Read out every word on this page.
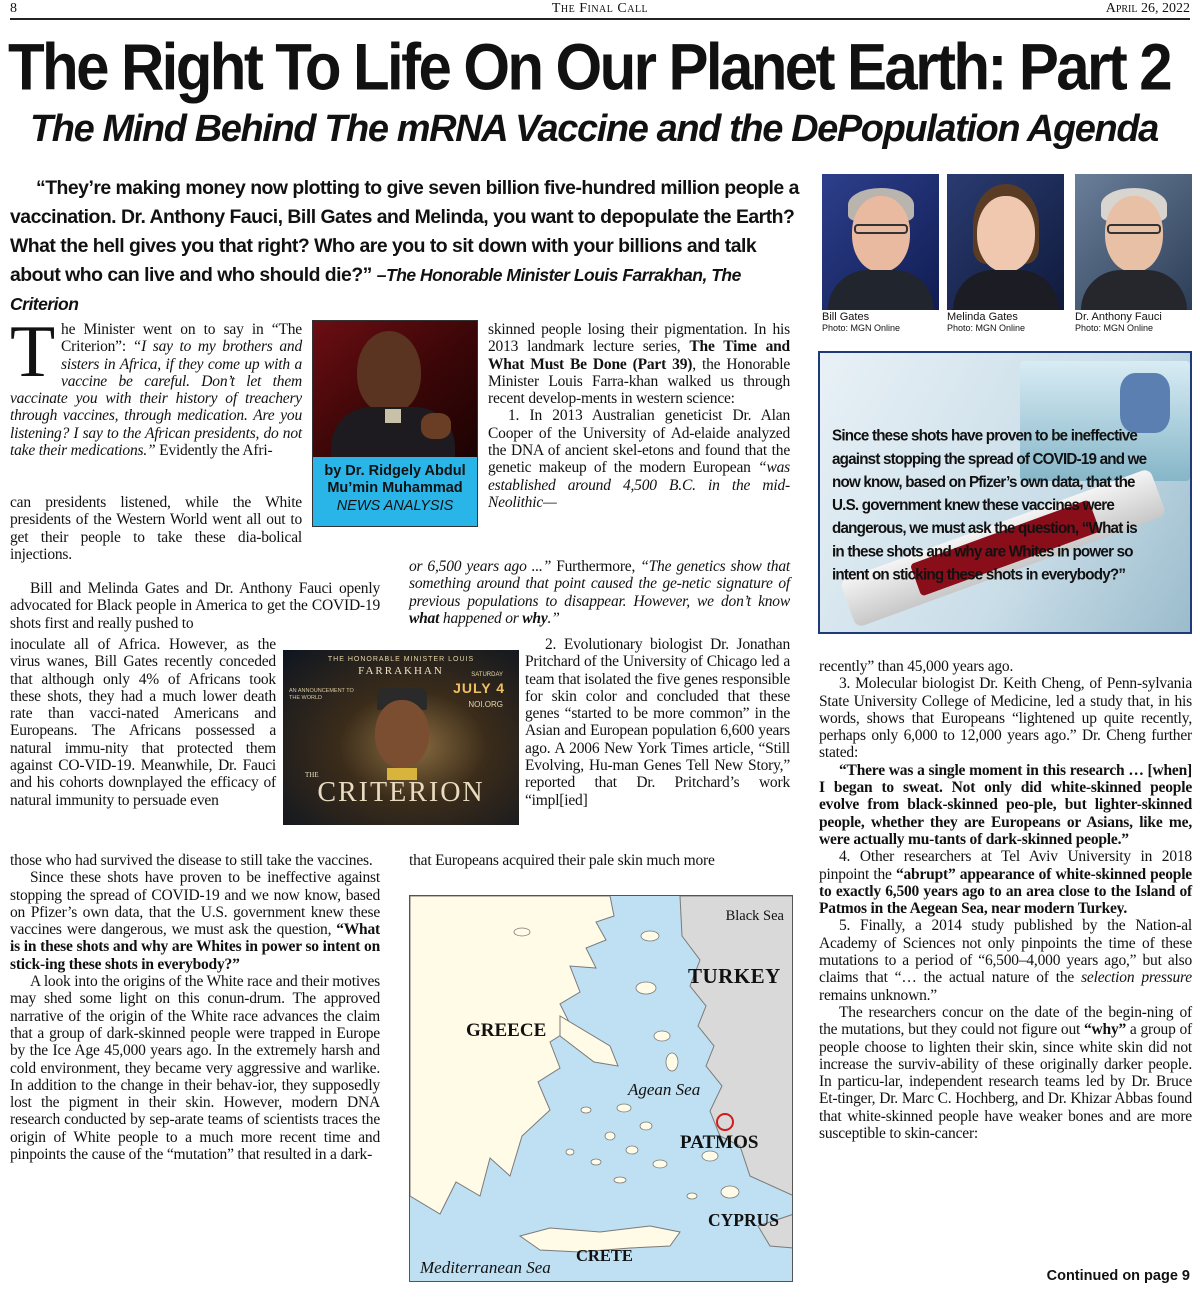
8	The Final Call	April 26, 2022
The Right To Life On Our Planet Earth: Part 2
The Mind Behind The mRNA Vaccine and the DePopulation Agenda
“They’re making money now plotting to give seven billion five-hundred million people a vaccination. Dr. Anthony Fauci, Bill Gates and Melinda, you want to depopulate the Earth? What the hell gives you that right? Who are you to sit down with your billions and talk about who can live and who should die?” –The Honorable Minister Louis Farrakhan, The Criterion
Bill Gates
Photo: MGN Online
Melinda Gates
Photo: MGN Online
Dr. Anthony Fauci
Photo: MGN Online
Since these shots have proven to be ineffective against stopping the spread of COVID-19 and we now know, based on Pfizer’s own data, that the U.S. government knew these vaccines were dangerous, we must ask the question, “What is in these shots and why are Whites in power so intent on sticking these shots in everybody?”
by Dr. Ridgely Abdul Mu’min Muhammad
NEWS ANALYSIS
THE HONORABLE MINISTER LOUIS
FARRAKHAN
AN ANNOUNCEMENT TO THE WORLD
SATURDAY
JULY 4
NOI.ORG
THE
CRITERION

The Minister went on to say in “The Criterion”: “I say to my brothers and sisters in Africa, if they come up with a vaccine be careful. Don’t let them vaccinate you with their history of treachery through vaccines, through medication. Are you listening? I say to the African presidents, do not take their medications.” Evidently the Afri-

can presidents listened, while the White presidents of the Western World went all out to get their people to take these dia-bolical injections.

Bill and Melinda Gates and Dr. Anthony Fauci openly advocated for Black people in America to get the COVID-19 shots first and really pushed to

inoculate all of Africa. However, as the virus wanes, Bill Gates recently conceded that although only 4% of Africans took these shots, they had a much lower death rate than vacci-nated Americans and Europeans. The Africans possessed a natural immu-nity that protected them against CO-VID-19. Meanwhile, Dr. Fauci and his cohorts downplayed the efficacy of natural immunity to persuade even

those who had survived the disease to still take the vaccines.

Since these shots have proven to be ineffective against stopping the spread of COVID-19 and we now know, based on Pfizer’s own data, that the U.S. government knew these vaccines were dangerous, we must ask the question, “What is in these shots and why are Whites in power so intent on stick-ing these shots in everybody?”

A look into the origins of the White race and their motives may shed some light on this conun-drum. The approved narrative of the origin of the White race advances the claim that a group of dark-skinned people were trapped in Europe by the Ice Age 45,000 years ago. In the extremely harsh and cold environment, they became very aggressive and warlike. In addition to the change in their behav-ior, they supposedly lost the pigment in their skin. However, modern DNA research conducted by sep-arate teams of scientists traces the origin of White people to a much more recent time and pinpoints the cause of the “mutation” that resulted in a dark-

skinned people losing their pigmentation. In his 2013 landmark lecture series, The Time and What Must Be Done (Part 39), the Honorable Minister Louis Farra-khan walked us through recent develop-ments in western science:

1. In 2013 Australian geneticist Dr. Alan Cooper of the University of Ad-elaide analyzed the DNA of ancient skel-etons and found that the genetic makeup of the modern European “was established around 4,500 B.C. in the mid-Neolithic—

or 6,500 years ago ...” Furthermore, “The genetics show that something around that point caused the ge-netic signature of previous populations to disappear. However, we don’t know what happened or why.”

2. Evolutionary biologist Dr. Jonathan Pritchard of the University of Chicago led a team that isolated the five genes responsible for skin color and concluded that these genes “started to be more common” in the Asian and European population 6,600 years ago. A 2006 New York Times article, “Still Evolving, Hu-man Genes Tell New Story,” reported that Dr. Pritchard’s work “impl[ied]

that Europeans acquired their pale skin much more

Black Sea
TURKEY
GREECE
Agean Sea
PATMOS
CYPRUS
CRETE
Mediterranean Sea

recently” than 45,000 years ago.

3. Molecular biologist Dr. Keith Cheng, of Penn-sylvania State University College of Medicine, led a study that, in his words, shows that Europeans “lightened up quite recently, perhaps only 6,000 to 12,000 years ago.” Dr. Cheng further stated:

“There was a single moment in this research … [when] I began to sweat. Not only did white-skinned people evolve from black-skinned peo-ple, but lighter-skinned people, whether they are Europeans or Asians, like me, were actually mu-tants of dark-skinned people.”

4. Other researchers at Tel Aviv University in 2018 pinpoint the “abrupt” appearance of white-skinned people to exactly 6,500 years ago to an area close to the Island of Patmos in the Aegean Sea, near modern Turkey.

5. Finally, a 2014 study published by the Nation-al Academy of Sciences not only pinpoints the time of these mutations to a period of “6,500–4,000 years ago,” but also claims that “… the actual nature of the selection pressure remains unknown.”

The researchers concur on the date of the begin-ning of the mutations, but they could not figure out “why” a group of people choose to lighten their skin, since white skin did not increase the surviv-ability of these originally darker people. In particu-lar, independent research teams led by Dr. Bruce Et-tinger, Dr. Marc C. Hochberg, and Dr. Khizar Abbas found that white-skinned people have weaker bones and are more susceptible to skin-cancer:

Continued on page 9
